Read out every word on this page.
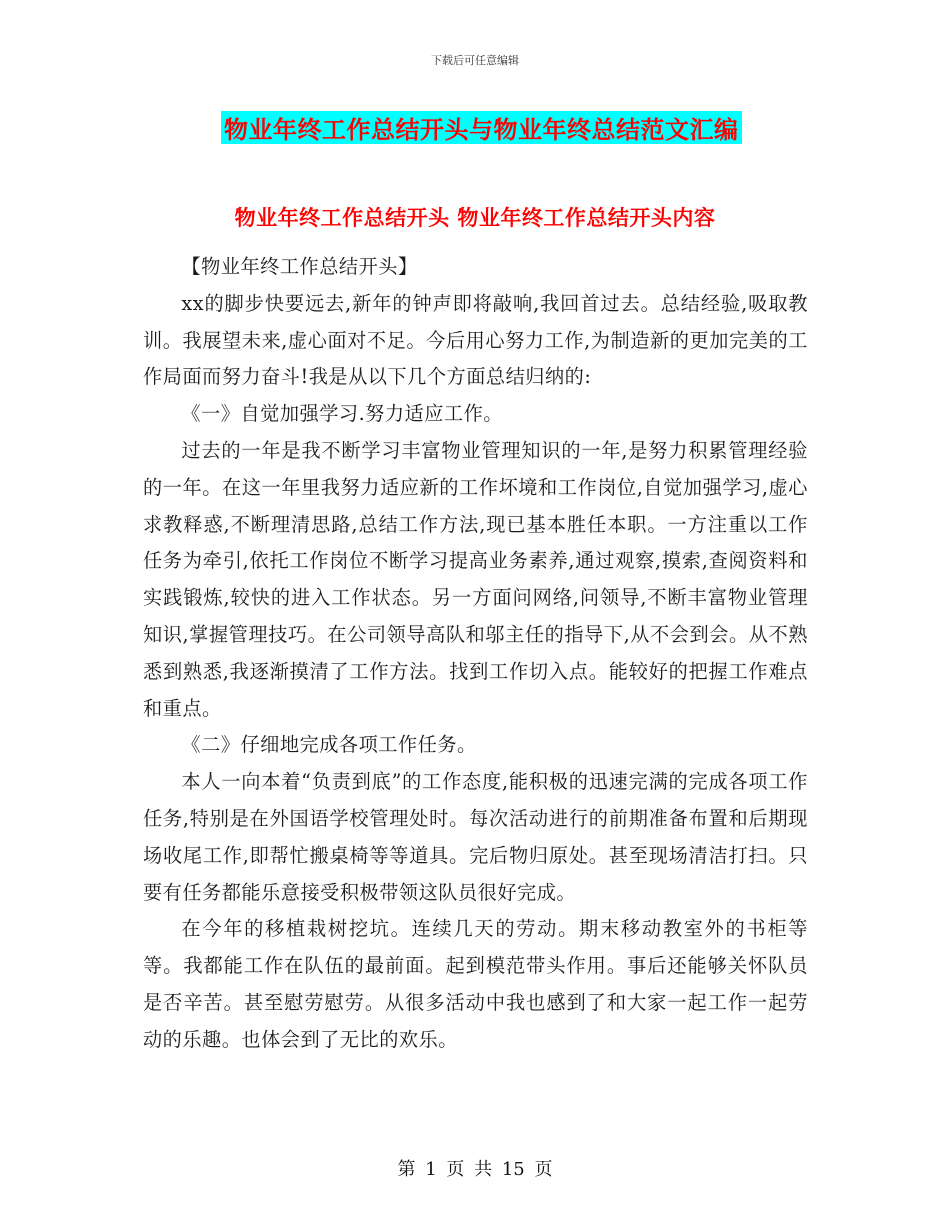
下载后可任意编辑
物业年终工作总结开头与物业年终总结范文汇编
物业年终工作总结开头 物业年终工作总结开头内容

【物业年终工作总结开头】

xx的脚步快要远去,新年的钟声即将敲响,我回首过去。总结经验,吸取教训。我展望未来,虚心面对不足。今后用心努力工作,为制造新的更加完美的工作局面而努力奋斗!我是从以下几个方面总结归纳的:

《一》自觉加强学习.努力适应工作。

过去的一年是我不断学习丰富物业管理知识的一年,是努力积累管理经验的一年。在这一年里我努力适应新的工作坏境和工作岗位,自觉加强学习,虚心求教释惑,不断理清思路,总结工作方法,现已基本胜任本职。一方注重以工作任务为牵引,依托工作岗位不断学习提高业务素养,通过观察,摸索,查阅资料和实践锻炼,较快的进入工作状态。另一方面问网络,问领导,不断丰富物业管理知识,掌握管理技巧。在公司领导高队和邬主任的指导下,从不会到会。从不熟悉到熟悉,我逐渐摸清了工作方法。找到工作切入点。能较好的把握工作难点和重点。

《二》仔细地完成各项工作任务。

本人一向本着“负责到底”的工作态度,能积极的迅速完满的完成各项工作任务,特别是在外国语学校管理处时。每次活动进行的前期准备布置和后期现场收尾工作,即帮忙搬桌椅等等道具。完后物归原处。甚至现场清洁打扫。只要有任务都能乐意接受积极带领这队员很好完成。

在今年的移植栽树挖坑。连续几天的劳动。期末移动教室外的书柜等等。我都能工作在队伍的最前面。起到模范带头作用。事后还能够关怀队员是否辛苦。甚至慰劳慰劳。从很多活动中我也感到了和大家一起工作一起劳动的乐趣。也体会到了无比的欢乐。

第 1 页 共 15 页
